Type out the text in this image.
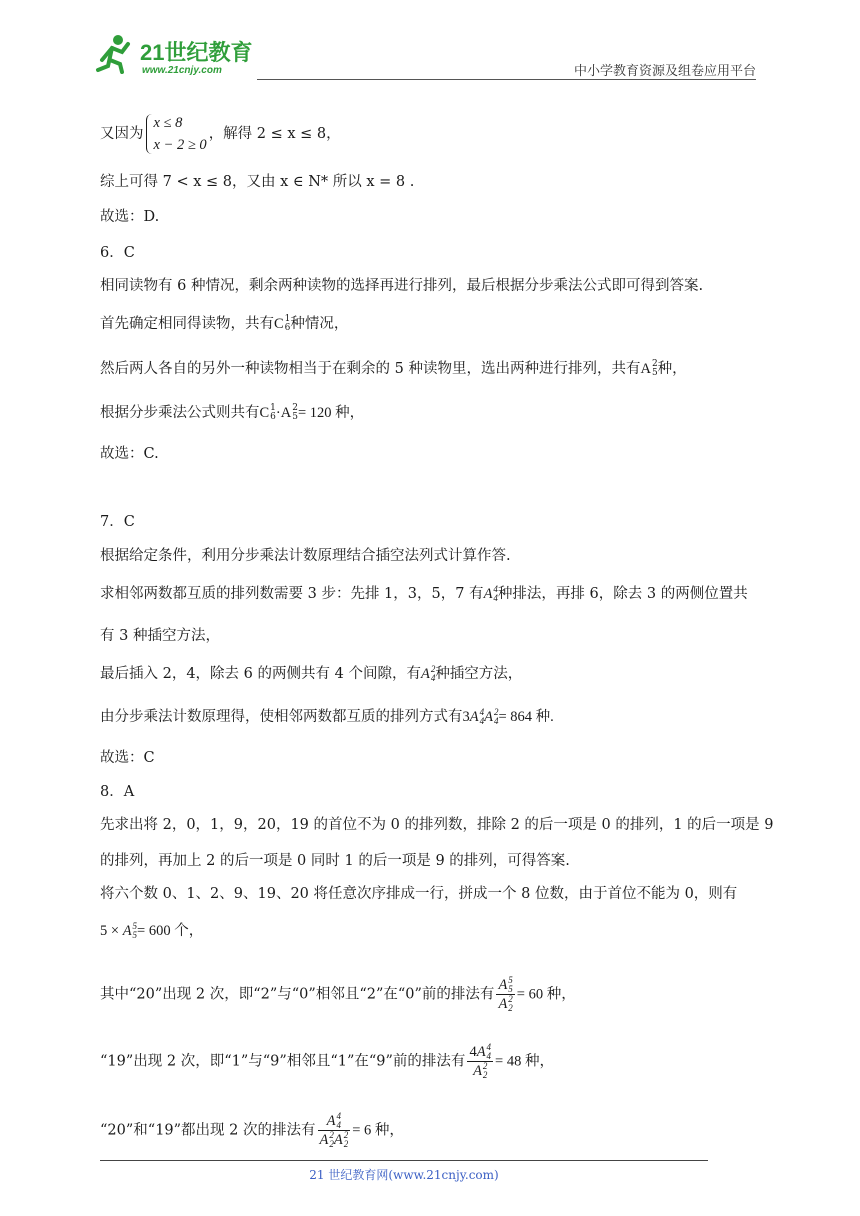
21世纪教育
www.21cnjy.com	中小学教育资源及组卷应用平台
又因为
x ≤ 8
x − 2 ≥ 0
，解得 2 ≤ x ≤ 8，
综上可得 7 < x ≤ 8，又由 x ∈ N* 所以 x = 8 .
故选：D.
6．C
相同读物有 6 种情况，剩余两种读物的选择再进行排列，最后根据分步乘法公式即可得到答案.
首先确定相同得读物，共有C 1
6 种情况，
然后两人各自的另外一种读物相当于在剩余的 5 种读物里，选出两种进行排列，共有A 2
5 种，
根据分步乘法公式则共有C 1
6 ·A 2
5 = 120 种，
故选：C.
7．C
根据给定条件，利用分步乘法计数原理结合插空法列式计算作答.
求相邻两数都互质的排列数需要 3 步：先排 1，3，5，7 有A 4
4 种排法，再排 6，除去 3 的两侧位置共
有 3 种插空方法，
最后插入 2，4，除去 6 的两侧共有 4 个间隙，有A 2
4 种插空方法，
由分步乘法计数原理得，使相邻两数都互质的排列方式有3A 4
4 A 2
4 = 864 种.
故选：C
8．A
先求出将 2，0，1，9，20，19 的首位不为 0 的排列数，排除 2 的后一项是 0 的排列，1 的后一项是 9
的排列，再加上 2 的后一项是 0 同时 1 的后一项是 9 的排列，可得答案.
将六个数 0、1、2、9、19、20 将任意次序排成一行，拼成一个 8 位数，由于首位不能为 0，则有
5 × A 5
5 = 600 个，
其中“20”出现 2 次，即“2”与“0”相邻且“2”在“0”前的排法有 A 5
5
A 2
2 = 60 种，
“19”出现 2 次，即“1”与“9”相邻且“1”在“9”前的排法有 4A 4
4
A 2
2 = 48 种，
“20”和“19”都出现 2 次的排法有 A 4
4
A 2
2 A 2
2 = 6 种，
21 世纪教育网(www.21cnjy.com)
